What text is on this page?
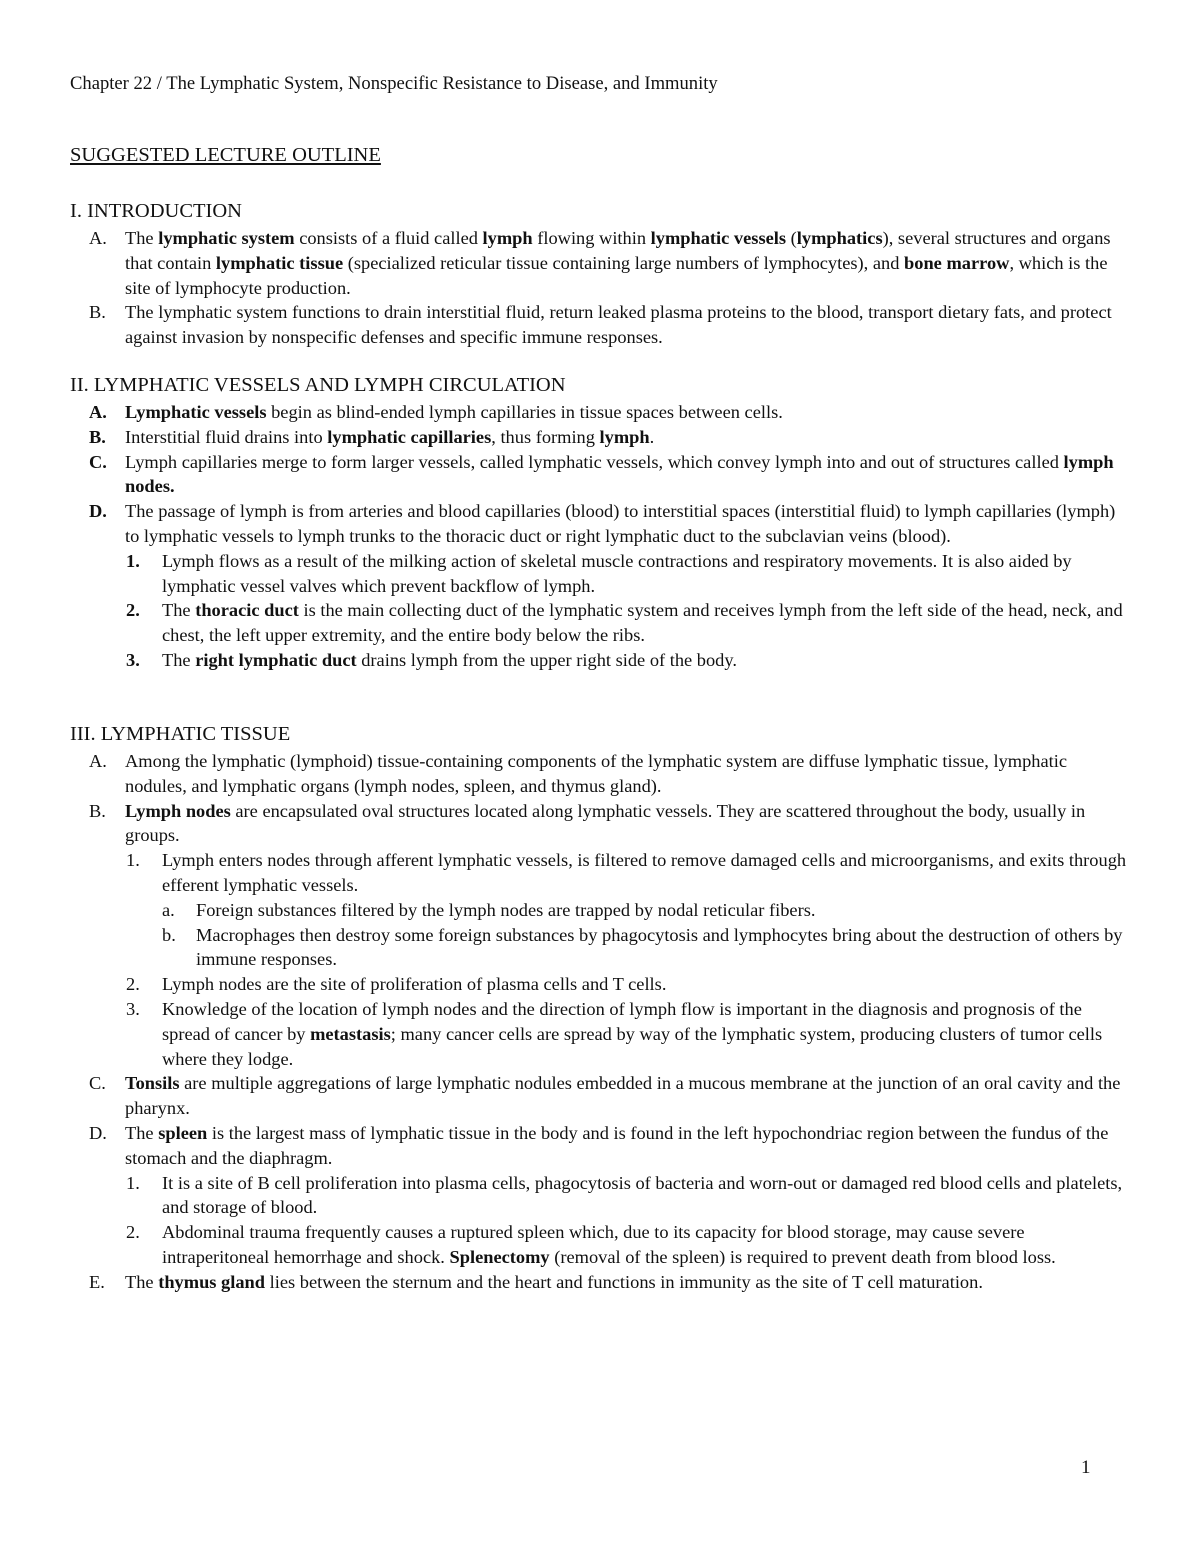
Chapter 22 / The Lymphatic System, Nonspecific Resistance to Disease, and Immunity
SUGGESTED LECTURE OUTLINE
I. INTRODUCTION
A. The lymphatic system consists of a fluid called lymph flowing within lymphatic vessels (lymphatics), several structures and organs that contain lymphatic tissue (specialized reticular tissue containing large numbers of lymphocytes), and bone marrow, which is the site of lymphocyte production.
B. The lymphatic system functions to drain interstitial fluid, return leaked plasma proteins to the blood, transport dietary fats, and protect against invasion by nonspecific defenses and specific immune responses.
II. LYMPHATIC VESSELS AND LYMPH CIRCULATION
A. Lymphatic vessels begin as blind-ended lymph capillaries in tissue spaces between cells.
B. Interstitial fluid drains into lymphatic capillaries, thus forming lymph.
C. Lymph capillaries merge to form larger vessels, called lymphatic vessels, which convey lymph into and out of structures called lymph nodes.
D. The passage of lymph is from arteries and blood capillaries (blood) to interstitial spaces (interstitial fluid) to lymph capillaries (lymph) to lymphatic vessels to lymph trunks to the thoracic duct or right lymphatic duct to the subclavian veins (blood).
1. Lymph flows as a result of the milking action of skeletal muscle contractions and respiratory movements. It is also aided by lymphatic vessel valves which prevent backflow of lymph.
2. The thoracic duct is the main collecting duct of the lymphatic system and receives lymph from the left side of the head, neck, and chest, the left upper extremity, and the entire body below the ribs.
3. The right lymphatic duct drains lymph from the upper right side of the body.
III. LYMPHATIC TISSUE
A. Among the lymphatic (lymphoid) tissue-containing components of the lymphatic system are diffuse lymphatic tissue, lymphatic nodules, and lymphatic organs (lymph nodes, spleen, and thymus gland).
B. Lymph nodes are encapsulated oval structures located along lymphatic vessels. They are scattered throughout the body, usually in groups.
1. Lymph enters nodes through afferent lymphatic vessels, is filtered to remove damaged cells and microorganisms, and exits through efferent lymphatic vessels.
a. Foreign substances filtered by the lymph nodes are trapped by nodal reticular fibers.
b. Macrophages then destroy some foreign substances by phagocytosis and lymphocytes bring about the destruction of others by immune responses.
2. Lymph nodes are the site of proliferation of plasma cells and T cells.
3. Knowledge of the location of lymph nodes and the direction of lymph flow is important in the diagnosis and prognosis of the spread of cancer by metastasis; many cancer cells are spread by way of the lymphatic system, producing clusters of tumor cells where they lodge.
C. Tonsils are multiple aggregations of large lymphatic nodules embedded in a mucous membrane at the junction of an oral cavity and the pharynx.
D. The spleen is the largest mass of lymphatic tissue in the body and is found in the left hypochondriac region between the fundus of the stomach and the diaphragm.
1. It is a site of B cell proliferation into plasma cells, phagocytosis of bacteria and worn-out or damaged red blood cells and platelets, and storage of blood.
2. Abdominal trauma frequently causes a ruptured spleen which, due to its capacity for blood storage, may cause severe intraperitoneal hemorrhage and shock. Splenectomy (removal of the spleen) is required to prevent death from blood loss.
E. The thymus gland lies between the sternum and the heart and functions in immunity as the site of T cell maturation.
1
